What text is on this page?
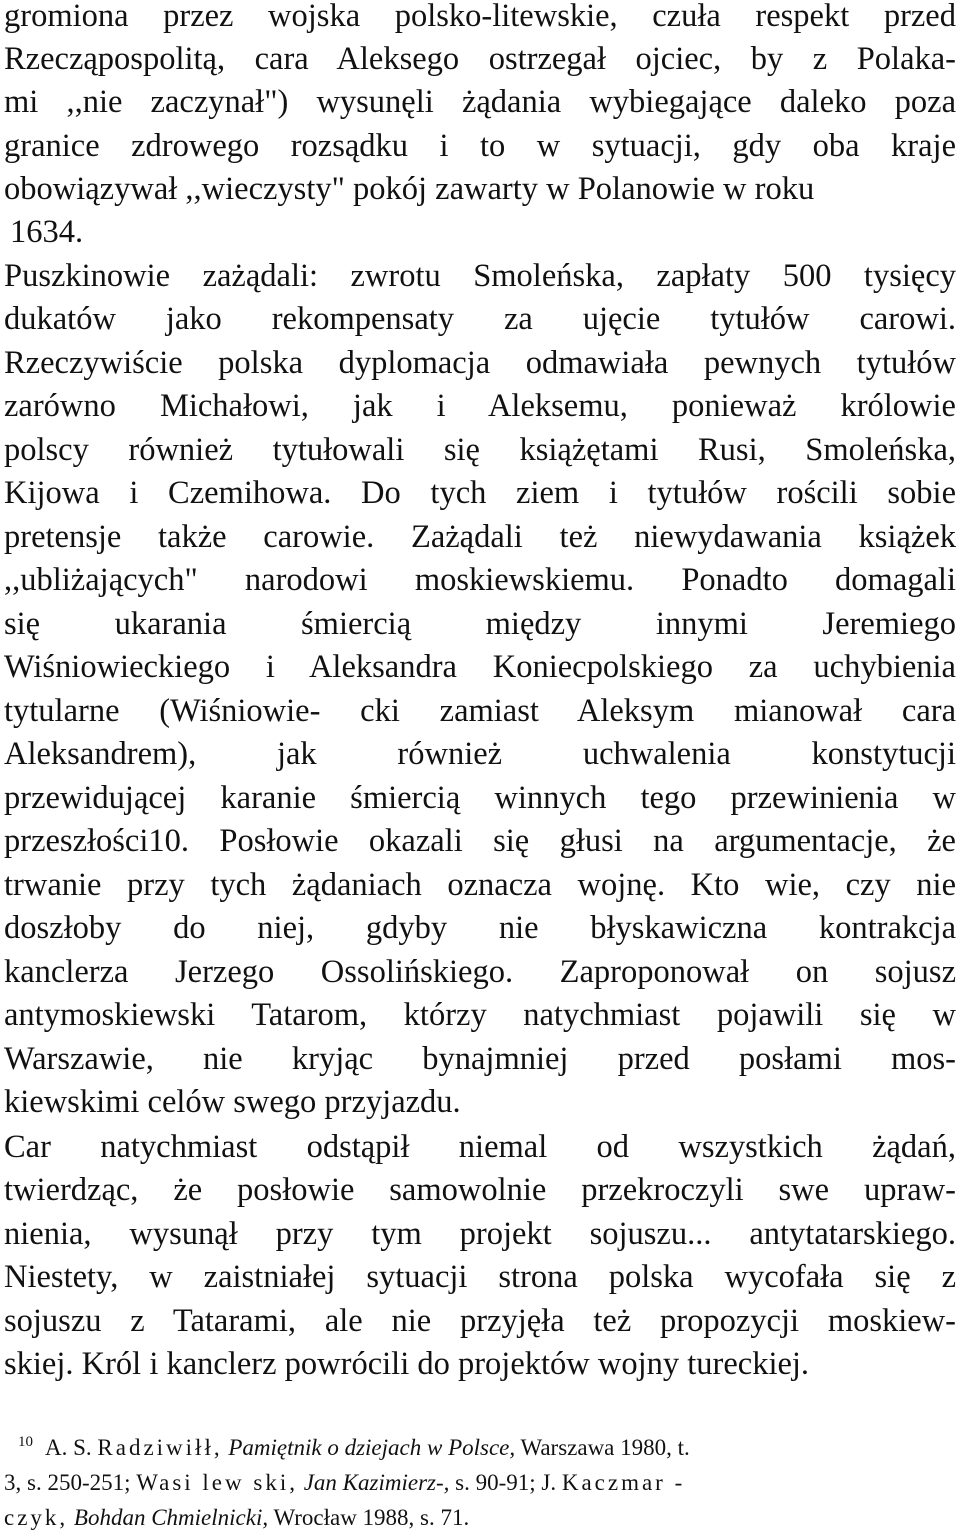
gromiona przez wojska polsko-litewskie, czuła respekt przed
Rzecząpospolitą, cara Aleksego ostrzegał ojciec, by z Polaka-
mi ,,nie zaczynał") wysunęli żądania wybiegające daleko poza
granice zdrowego rozsądku i to w sytuacji, gdy oba kraje
obowiązywał ,,wieczysty" pokój zawarty w Polanowie w roku
1634.
Puszkinowie zażądali: zwrotu Smoleńska, zapłaty 500 tysięcy
dukatów jako rekompensaty za ujęcie tytułów carowi.
Rzeczywiście polska dyplomacja odmawiała pewnych tytułów
zarówno Michałowi, jak i Aleksemu, ponieważ królowie
polscy również tytułowali się książętami Rusi, Smoleńska,
Kijowa i Czemihowa. Do tych ziem i tytułów rościli sobie
pretensje także carowie. Zażądali też niewydawania książek
,,ubliżających" narodowi moskiewskiemu. Ponadto domagali
się ukarania śmiercią między innymi Jeremiego
Wiśniowieckiego i Aleksandra Koniecpolskiego za uchybienia
tytularne (Wiśniowie- cki zamiast Aleksym mianował cara
Aleksandrem), jak również uchwalenia konstytucji
przewidującej karanie śmiercią winnych tego przewinienia w
przeszłości10. Posłowie okazali się głusi na argumentacje, że
trwanie przy tych żądaniach oznacza wojnę. Kto wie, czy nie
doszłoby do niej, gdyby nie błyskawiczna kontrakcja
kanclerza Jerzego Ossolińskiego. Zaproponował on sojusz
antymoskiewski Tatarom, którzy natychmiast pojawili się w
Warszawie, nie kryjąc bynajmniej przed posłami mos-
kiewskimi celów swego przyjazdu.
Car natychmiast odstąpił niemal od wszystkich żądań,
twierdząc, że posłowie samowolnie przekroczyli swe upraw-
nienia, wysunął przy tym projekt sojuszu... antytatarskiego.
Niestety, w zaistniałej sytuacji strona polska wycofała się z
sojuszu z Tatarami, ale nie przyjęła też propozycji moskiew-
skiej. Król i kanclerz powrócili do projektów wojny tureckiej.
$^{10}$ A. S. Radziwiłł, Pamiętnik o dziejach w Polsce, Warszawa 1980, t.
3, s. 250-251; Wasi lew ski, Jan Kazimierz-, s. 90-91; J. Kaczmar -
czyk, Bohdan Chmielnicki, Wrocław 1988, s. 71.
